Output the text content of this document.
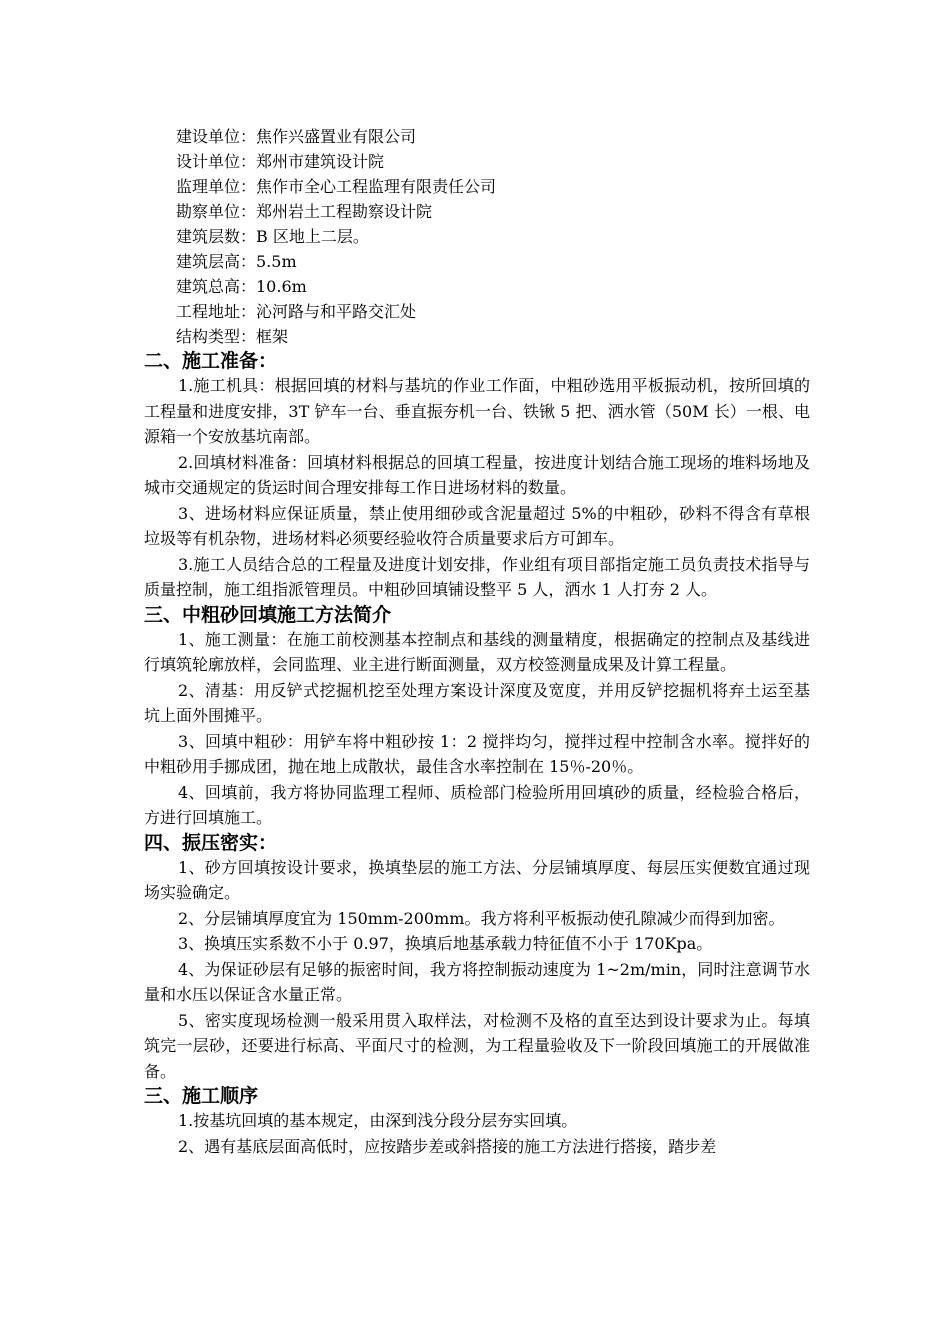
建设单位：焦作兴盛置业有限公司
设计单位：郑州市建筑设计院
监理单位：焦作市全心工程监理有限责任公司
勘察单位：郑州岩土工程勘察设计院
建筑层数：B 区地上二层。
建筑层高：5.5m
建筑总高：10.6m
工程地址：沁河路与和平路交汇处
结构类型：框架
二、施工准备：

1.施工机具：根据回填的材料与基坑的作业工作面，中粗砂选用平板振动机，按所回填的工程量和进度安排，3T 铲车一台、垂直振夯机一台、铁锹 5 把、洒水管（50M 长）一根、电源箱一个安放基坑南部。

2.回填材料准备：回填材料根据总的回填工程量，按进度计划结合施工现场的堆料场地及城市交通规定的货运时间合理安排每工作日进场材料的数量。

3、进场材料应保证质量，禁止使用细砂或含泥量超过 5%的中粗砂，砂料不得含有草根垃圾等有机杂物，进场材料必须要经验收符合质量要求后方可卸车。

3.施工人员结合总的工程量及进度计划安排，作业组有项目部指定施工员负责技术指导与质量控制，施工组指派管理员。中粗砂回填铺设整平 5 人，洒水 1 人打夯 2 人。

三、中粗砂回填施工方法简介

1、施工测量：在施工前校测基本控制点和基线的测量精度，根据确定的控制点及基线进行填筑轮廓放样，会同监理、业主进行断面测量，双方校签测量成果及计算工程量。

2、清基：用反铲式挖掘机挖至处理方案设计深度及宽度，并用反铲挖掘机将弃土运至基坑上面外围摊平。

3、回填中粗砂：用铲车将中粗砂按 1：2 搅拌均匀，搅拌过程中控制含水率。搅拌好的中粗砂用手挪成团，抛在地上成散状，最佳含水率控制在 15％-20％。

4、回填前，我方将协同监理工程师、质检部门检验所用回填砂的质量，经检验合格后，方进行回填施工。

四、振压密实：

1、砂方回填按设计要求，换填垫层的施工方法、分层铺填厚度、每层压实便数宜通过现场实验确定。

2、分层铺填厚度宜为 150mm-200mm。我方将利平板振动使孔隙减少而得到加密。

3、换填压实系数不小于 0.97，换填后地基承载力特征值不小于 170Kpa。

4、为保证砂层有足够的振密时间，我方将控制振动速度为 1~2m/min，同时注意调节水量和水压以保证含水量正常。

5、密实度现场检测一般采用贯入取样法，对检测不及格的直至达到设计要求为止。每填筑完一层砂，还要进行标高、平面尺寸的检测，为工程量验收及下一阶段回填施工的开展做准备。

三、施工顺序

1.按基坑回填的基本规定，由深到浅分段分层夯实回填。

2、遇有基底层面高低时，应按踏步差或斜搭接的施工方法进行搭接，踏步差
